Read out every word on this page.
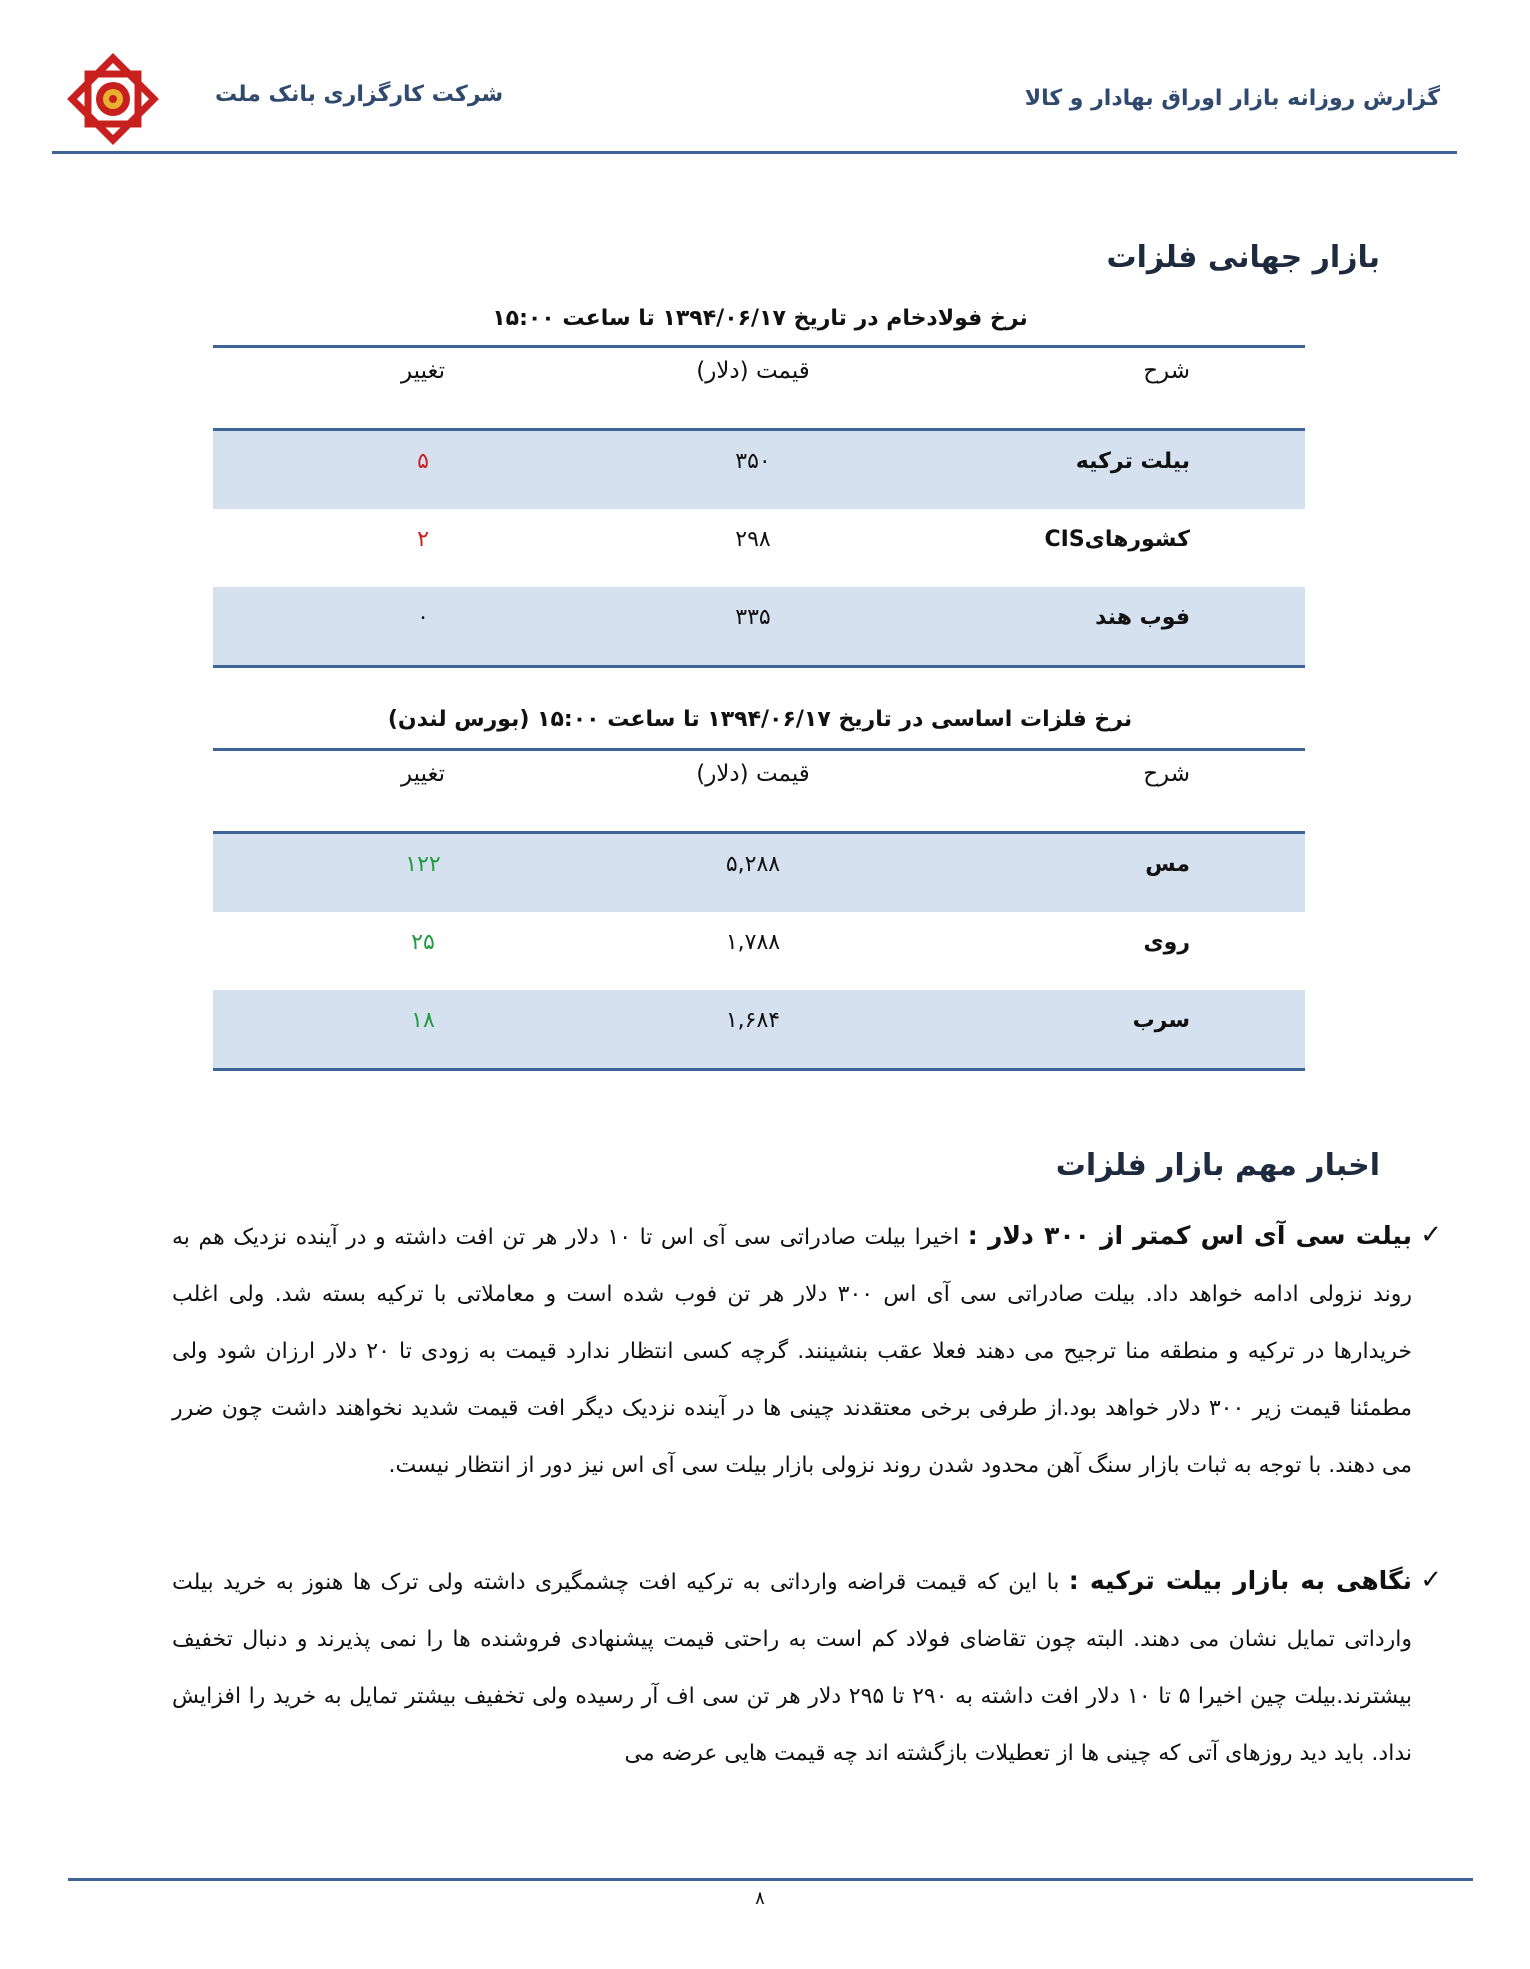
شرکت کارگزاری بانک ملت	گزارش روزانه بازار اوراق بهادار و کالا
بازار جهانی فلزات
نرخ فولادخام در تاریخ ۱۳۹۴/۰۶/۱۷ تا ساعت ۱۵:۰۰
شرح
قیمت (دلار)
تغییر
بیلت ترکیه
۳۵۰
۵
کشورهایCIS
۲۹۸
۲
فوب هند
۳۳۵
۰
نرخ فلزات اساسی در تاریخ ۱۳۹۴/۰۶/۱۷ تا ساعت ۱۵:۰۰ (بورس لندن)
شرح
قیمت (دلار)
تغییر
مس
۵,۲۸۸
۱۲۲
روی
۱,۷۸۸
۲۵
سرب
۱,۶۸۴
۱۸
اخبار مهم بازار فلزات
✓
بیلت سی آی اس کمتر از ۳۰۰ دلار : اخیرا بیلت صادراتی سی آی اس تا ۱۰ دلار هر تن افت داشته و در آینده نزدیک هم به روند نزولی ادامه خواهد داد. بیلت صادراتی سی آی اس ۳۰۰ دلار هر تن فوب شده است و معاملاتی با ترکیه بسته شد. ولی اغلب خریدارها در ترکیه و منطقه منا ترجیح می دهند فعلا عقب بنشینند. گرچه کسی انتظار ندارد قیمت به زودی تا ۲۰ دلار ارزان شود ولی مطمئنا قیمت زیر ۳۰۰ دلار خواهد بود.از طرفی برخی معتقدند چینی ها در آینده نزدیک دیگر افت قیمت شدید نخواهند داشت چون ضرر می دهند. با توجه به ثبات بازار سنگ آهن محدود شدن روند نزولی بازار بیلت سی آی اس نیز دور از انتظار نیست.
✓
نگاهی به بازار بیلت ترکیه : با این که قیمت قراضه وارداتی به ترکیه افت چشمگیری داشته ولی ترک ها هنوز به خرید بیلت وارداتی تمایل نشان می دهند. البته چون تقاضای فولاد کم است به راحتی قیمت پیشنهادی فروشنده ها را نمی پذیرند و دنبال تخفیف بیشترند.بیلت چین اخیرا ۵ تا ۱۰ دلار افت داشته به ۲۹۰ تا ۲۹۵ دلار هر تن سی اف آر رسیده ولی تخفیف بیشتر تمایل به خرید را افزایش نداد. باید دید روزهای آتی که چینی ها از تعطیلات بازگشته اند چه قیمت هایی عرضه می
۸
